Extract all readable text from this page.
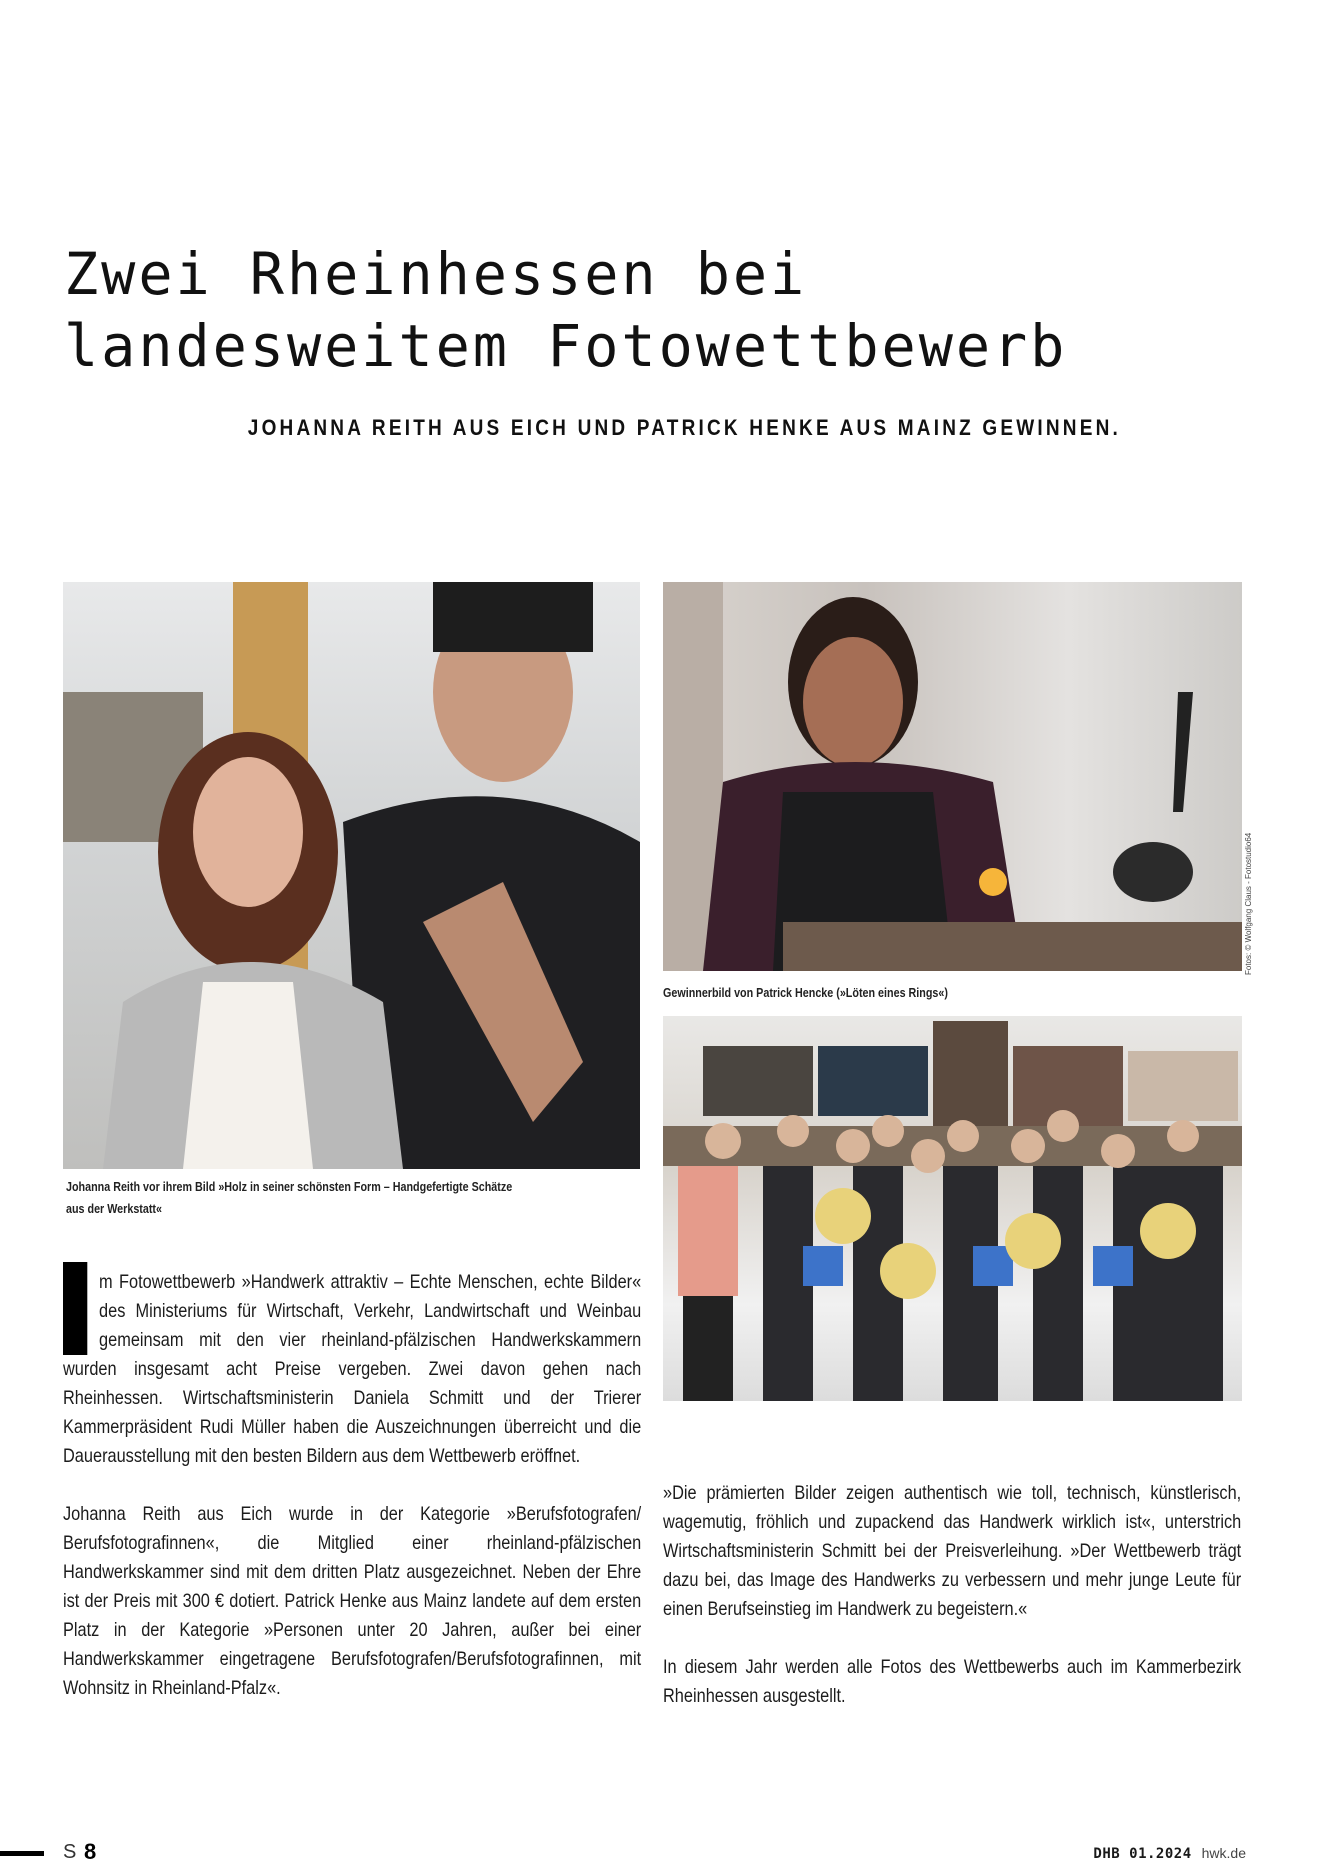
Zwei Rheinhessen bei
landesweitem Fotowettbewerb
JOHANNA REITH AUS EICH UND PATRICK HENKE AUS MAINZ GEWINNEN.
Johanna Reith vor ihrem Bild »Holz in seiner schönsten Form – Handgefertigte Schätze aus der Werkstatt«
Fotos: © Wolfgang Claus - Fotostudio64
Gewinnerbild von Patrick Hencke (»Löten eines Rings«)

m Fotowettbewerb »Handwerk attraktiv – Echte Menschen, echte Bilder« des Ministeriums für Wirtschaft, Verkehr, Landwirtschaft und Weinbau gemeinsam mit den vier rheinland-pfälzischen Handwerkskammern wurden insgesamt acht Preise vergeben. Zwei davon gehen nach Rheinhessen. Wirtschaftsministerin Daniela Schmitt und der Trierer Kammerpräsident Rudi Müller haben die Auszeichnungen überreicht und die Dauerausstellung mit den besten Bildern aus dem Wettbewerb eröffnet.

Johanna Reith aus Eich wurde in der Kategorie »Berufsfotografen/ Berufsfotografinnen«, die Mitglied einer rheinland-pfälzischen Handwerkskammer sind mit dem dritten Platz ausgezeichnet. Neben der Ehre ist der Preis mit 300 € dotiert. Patrick Henke aus Mainz landete auf dem ersten Platz in der Kategorie »Personen unter 20 Jahren, außer bei einer Handwerkskammer eingetragene Berufsfotografen/Berufsfotografinnen, mit Wohnsitz in Rheinland-Pfalz«.

»Die prämierten Bilder zeigen authentisch wie toll, technisch, künstlerisch, wagemutig, fröhlich und zupackend das Handwerk wirklich ist«, unterstrich Wirtschaftsministerin Schmitt bei der Preisverleihung. »Der Wettbewerb trägt dazu bei, das Image des Handwerks zu verbessern und mehr junge Leute für einen Berufseinstieg im Handwerk zu begeistern.«

In diesem Jahr werden alle Fotos des Wettbewerbs auch im Kammerbezirk Rheinhessen ausgestellt.

S 8	DHB 01.2024 hwk.de
